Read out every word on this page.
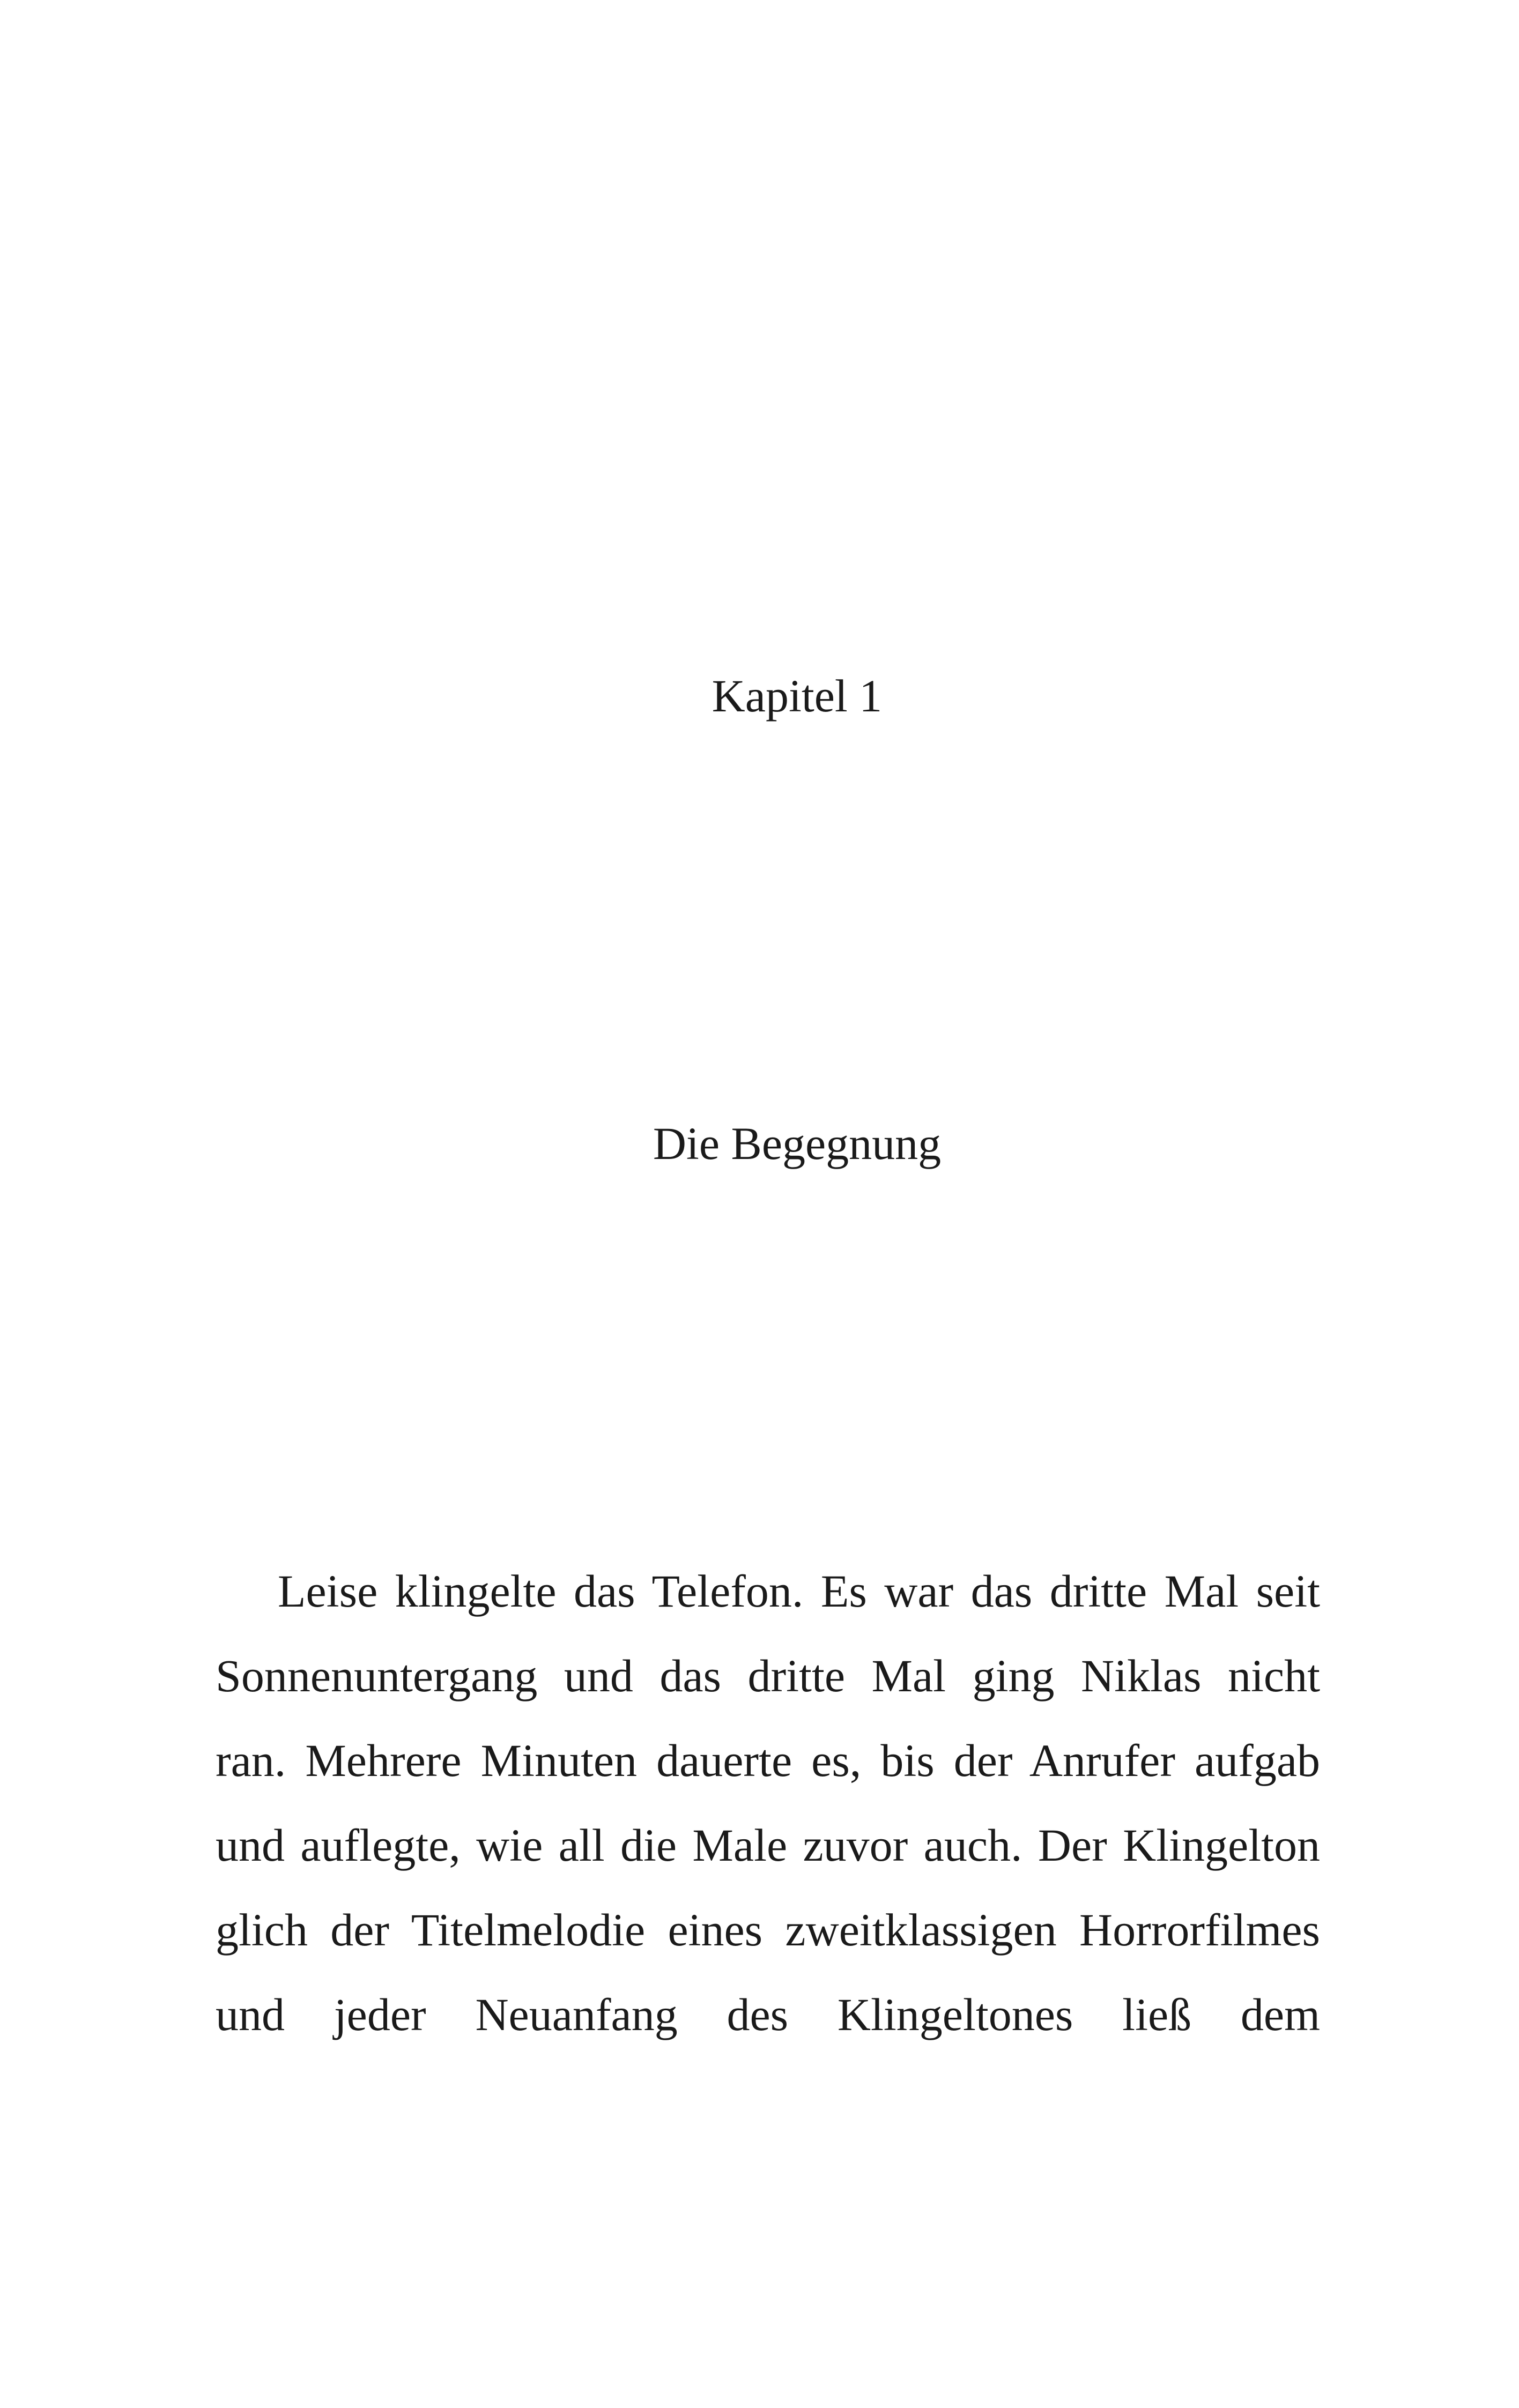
Kapitel 1
Die Begegnung
Leise klingelte das Telefon. Es war das dritte Mal seit
Sonnenuntergang und das dritte Mal ging Niklas nicht
ran. Mehrere Minuten dauerte es, bis der Anrufer aufgab
und auflegte, wie all die Male zuvor auch. Der Klingelton
glich der Titelmelodie eines zweitklassigen Horrorfilmes
und jeder Neuanfang des Klingeltones ließ dem
